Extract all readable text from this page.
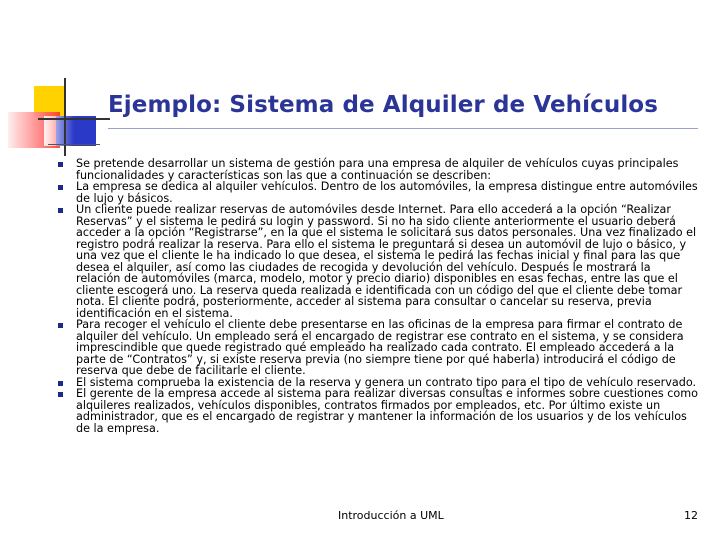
Ejemplo: Sistema de Alquiler de Vehículos
Se pretende desarrollar un sistema de gestión para una empresa de alquiler de vehículos cuyas principales funcionalidades y características son las que a continuación se describen:
La empresa se dedica al alquiler vehículos. Dentro de los automóviles, la empresa distingue entre automóviles de lujo y básicos.
Un cliente puede realizar reservas de automóviles desde Internet. Para ello accederá a la opción “Realizar Reservas” y el sistema le pedirá su login y password. Si no ha sido cliente anteriormente el usuario deberá acceder a la opción “Registrarse”, en la que el sistema le solicitará sus datos personales. Una vez finalizado el registro podrá realizar la reserva. Para ello el sistema le preguntará si desea un automóvil de lujo o básico, y una vez que el cliente le ha indicado lo que desea, el sistema le pedirá las fechas inicial y final para las que desea el alquiler, así como las ciudades de recogida y devolución del vehículo. Después le mostrará la relación de automóviles (marca, modelo, motor y precio diario) disponibles en esas fechas, entre las que el cliente escogerá uno. La reserva queda realizada e identificada con un código del que el cliente debe tomar nota. El cliente podrá, posteriormente, acceder al sistema para consultar o cancelar su reserva, previa identificación en el sistema.
Para recoger el vehículo el cliente debe presentarse en las oficinas de la empresa para firmar el contrato de alquiler del vehículo. Un empleado será el encargado de registrar ese contrato en el sistema, y se considera imprescindible que quede registrado qué empleado ha realizado cada contrato. El empleado accederá a la parte de “Contratos” y, si existe reserva previa (no siempre tiene por qué haberla) introducirá el código de reserva que debe de facilitarle el cliente.
El sistema comprueba la existencia de la reserva y genera un contrato tipo para el tipo de vehículo reservado.
El gerente de la empresa accede al sistema para realizar diversas consultas e informes sobre cuestiones como alquileres realizados, vehículos disponibles, contratos firmados por empleados, etc. Por último existe un administrador, que es el encargado de registrar y mantener la información de los usuarios y de los vehículos de la empresa.
Introducción a UML	12
